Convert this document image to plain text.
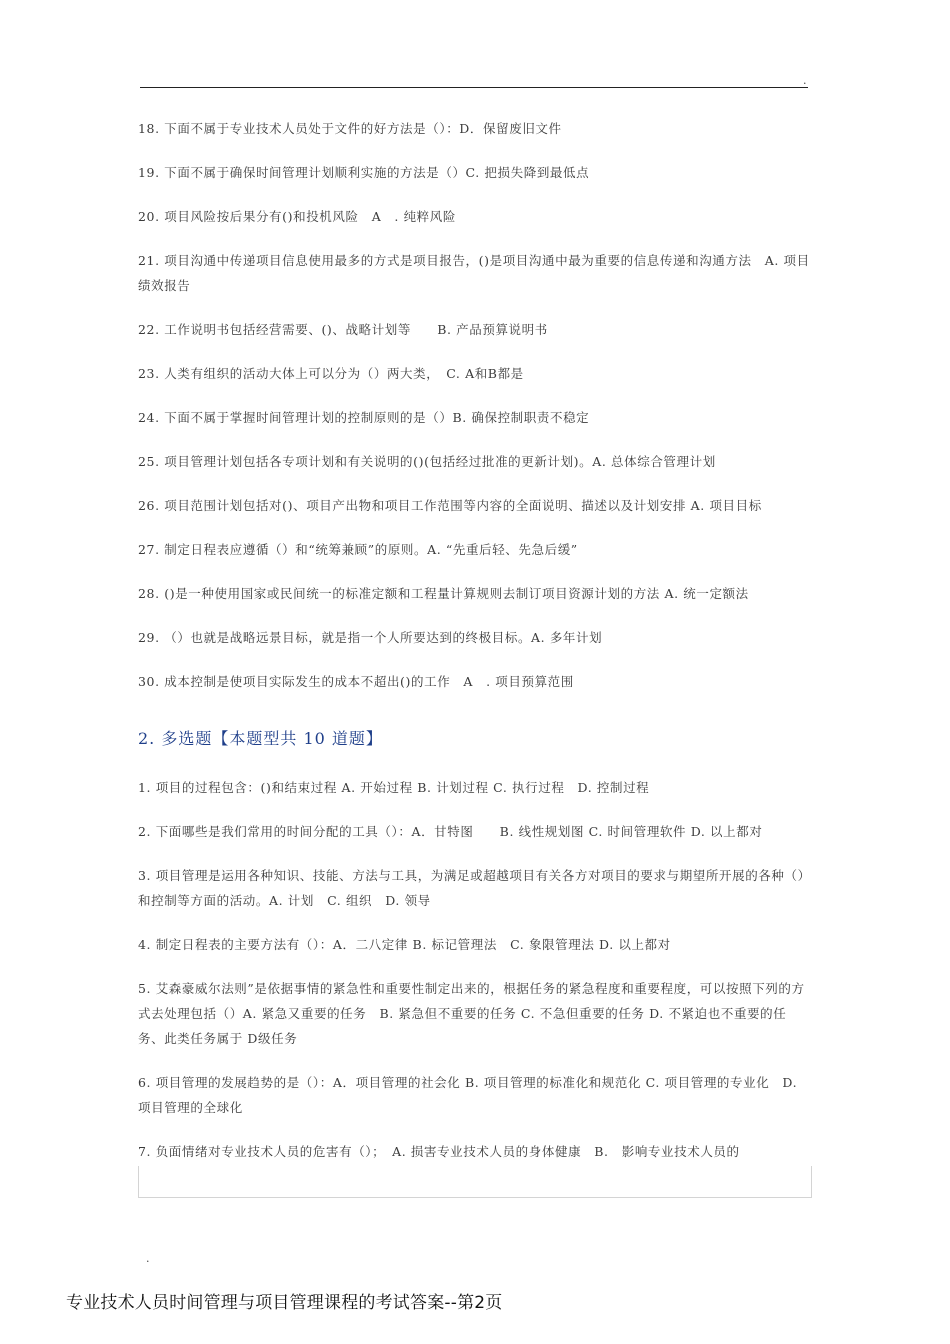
.

18. 下面不属于专业技术人员处于文件的好方法是（）：D．保留废旧文件

19. 下面不属于确保时间管理计划顺利实施的方法是（）C. 把损失降到最低点

20. 项目风险按后果分有()和投机风险　A　. 纯粹风险

21. 项目沟通中传递项目信息使用最多的方式是项目报告，()是项目沟通中最为重要的信息传递和沟通方法　A. 项目绩效报告

22. 工作说明书包括经营需要、()、战略计划等　　B. 产品预算说明书

23. 人类有组织的活动大体上可以分为（）两大类，　C. A和B都是

24. 下面不属于掌握时间管理计划的控制原则的是（）B. 确保控制职责不稳定

25. 项目管理计划包括各专项计划和有关说明的()(包括经过批准的更新计划)。A. 总体综合管理计划

26. 项目范围计划包括对()、项目产出物和项目工作范围等内容的全面说明、描述以及计划安排 A. 项目目标

27. 制定日程表应遵循（）和“统筹兼顾”的原则。A. “先重后轻、先急后缓”

28. ()是一种使用国家或民间统一的标准定额和工程量计算规则去制订项目资源计划的方法 A. 统一定额法

29. （）也就是战略远景目标，就是指一个人所要达到的终极目标。A. 多年计划

30. 成本控制是使项目实际发生的成本不超出()的工作　A　. 项目预算范围

2. 多选题【本题型共 10 道题】

1. 项目的过程包含：()和结束过程 A. 开始过程 B. 计划过程 C. 执行过程　D. 控制过程

2. 下面哪些是我们常用的时间分配的工具（）：A．甘特图　　B. 线性规划图 C. 时间管理软件 D. 以上都对

3. 项目管理是运用各种知识、技能、方法与工具，为满足或超越项目有关各方对项目的要求与期望所开展的各种（）和控制等方面的活动。A. 计划　C. 组织　D. 领导

4. 制定日程表的主要方法有（）：A．二八定律 B. 标记管理法　C. 象限管理法 D. 以上都对

5. 艾森豪威尔法则”是依据事情的紧急性和重要性制定出来的，根据任务的紧急程度和重要程度，可以按照下列的方式去处理包括（）A. 紧急又重要的任务　B. 紧急但不重要的任务 C. 不急但重要的任务 D. 不紧迫也不重要的任务、此类任务属于 D级任务

6. 项目管理的发展趋势的是（）：A．项目管理的社会化 B. 项目管理的标准化和规范化 C. 项目管理的专业化　D. 项目管理的全球化

7. 负面情绪对专业技术人员的危害有（）；　A. 损害专业技术人员的身体健康　B.　影响专业技术人员的

.
专业技术人员时间管理与项目管理课程的考试答案--第2页
